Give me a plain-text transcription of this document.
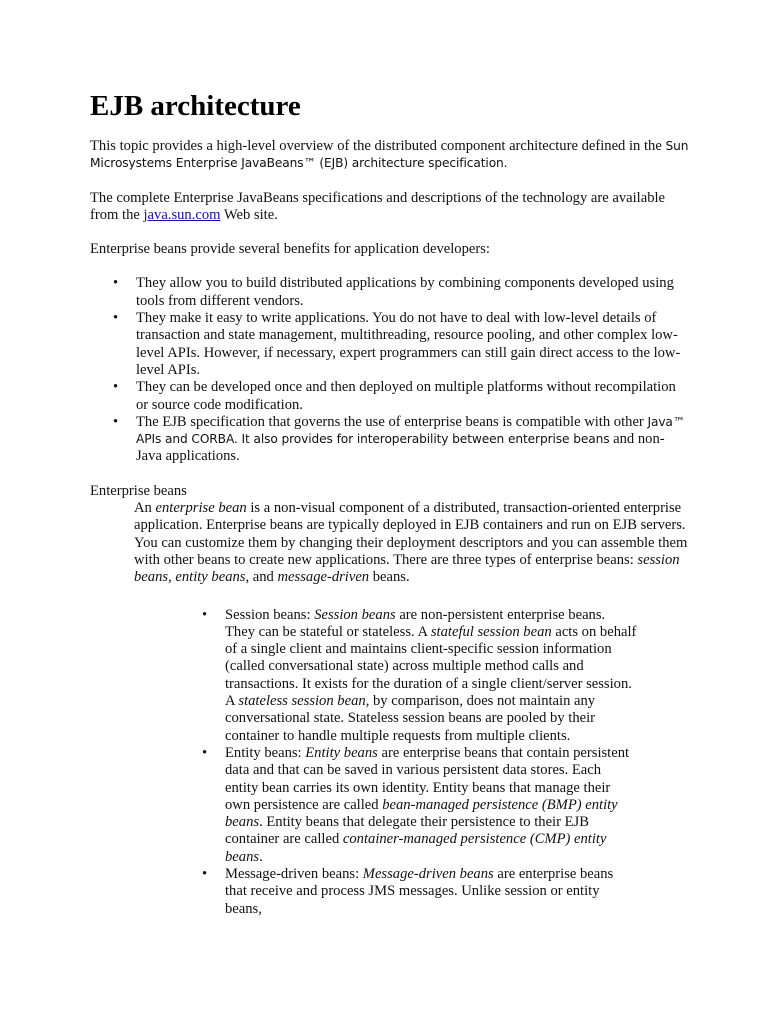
EJB architecture

This topic provides a high-level overview of the distributed component architecture defined in the Sun Microsystems Enterprise JavaBeans™ (EJB) architecture specification.

The complete Enterprise JavaBeans specifications and descriptions of the technology are available from the java.sun.com Web site.

Enterprise beans provide several benefits for application developers:

• They allow you to build distributed applications by combining components developed using tools from different vendors.
• They make it easy to write applications. You do not have to deal with low-level details of transaction and state management, multithreading, resource pooling, and other complex low-level APIs. However, if necessary, expert programmers can still gain direct access to the low-level APIs.
• They can be developed once and then deployed on multiple platforms without recompilation or source code modification.
• The EJB specification that governs the use of enterprise beans is compatible with other Java™ APIs and CORBA. It also provides for interoperability between enterprise beans and non-Java applications.
Enterprise beans
An enterprise bean is a non-visual component of a distributed, transaction-oriented enterprise application. Enterprise beans are typically deployed in EJB containers and run on EJB servers. You can customize them by changing their deployment descriptors and you can assemble them with other beans to create new applications. There are three types of enterprise beans: session beans, entity beans, and message-driven beans.
• Session beans: Session beans are non-persistent enterprise beans. They can be stateful or stateless. A stateful session bean acts on behalf of a single client and maintains client-specific session information (called conversational state) across multiple method calls and transactions. It exists for the duration of a single client/server session. A stateless session bean, by comparison, does not maintain any conversational state. Stateless session beans are pooled by their container to handle multiple requests from multiple clients.
• Entity beans: Entity beans are enterprise beans that contain persistent data and that can be saved in various persistent data stores. Each entity bean carries its own identity. Entity beans that manage their own persistence are called bean-managed persistence (BMP) entity beans. Entity beans that delegate their persistence to their EJB container are called container-managed persistence (CMP) entity beans.
• Message-driven beans: Message-driven beans are enterprise beans that receive and process JMS messages. Unlike session or entity beans,
